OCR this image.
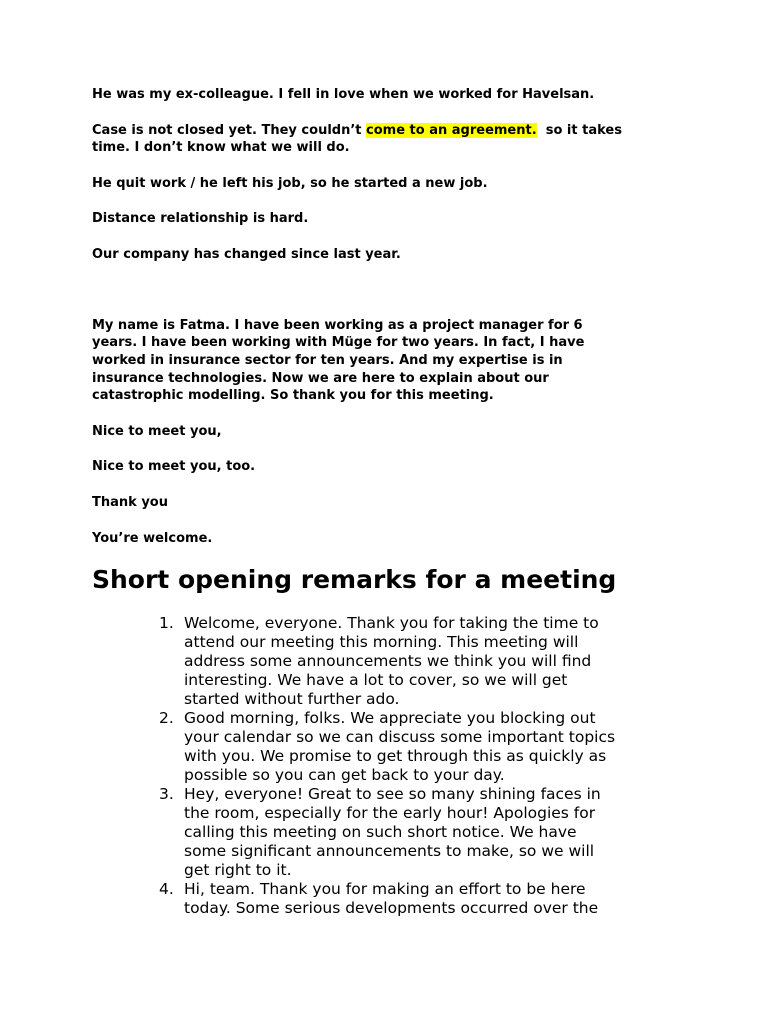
He was my ex-colleague. I fell in love when we worked for Havelsan.

Case is not closed yet. They couldn’t come to an agreement.  so it takes
time. I don’t know what we will do.

He quit work / he left his job, so he started a new job.

Distance relationship is hard.

Our company has changed since last year.

My name is Fatma. I have been working as a project manager for 6
years. I have been working with Müge for two years. In fact, I have
worked in insurance sector for ten years. And my expertise is in
insurance technologies. Now we are here to explain about our
catastrophic modelling. So thank you for this meeting.

Nice to meet you,

Nice to meet you, too.

Thank you

You’re welcome.

Short opening remarks for a meeting
1. Welcome, everyone. Thank you for taking the time to
attend our meeting this morning. This meeting will
address some announcements we think you will find
interesting. We have a lot to cover, so we will get
started without further ado.
2. Good morning, folks. We appreciate you blocking out
your calendar so we can discuss some important topics
with you. We promise to get through this as quickly as
possible so you can get back to your day.
3. Hey, everyone! Great to see so many shining faces in
the room, especially for the early hour! Apologies for
calling this meeting on such short notice. We have
some significant announcements to make, so we will
get right to it.
4. Hi, team. Thank you for making an effort to be here
today. Some serious developments occurred over the
